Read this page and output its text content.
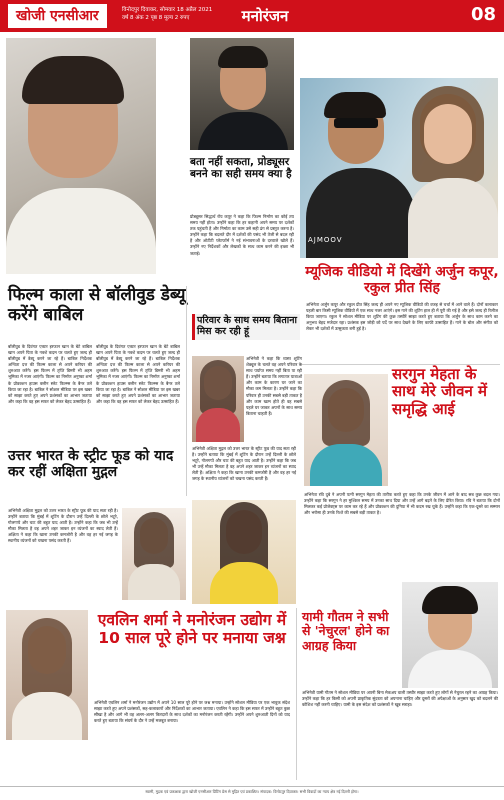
खोजी एनसीआर	विनोदपुर दिवाकर, सोमवार 18 अप्रैल 2021
वर्ष 8 अंक 2 पृष्ठ 8 मूल्य 2 रुपए	मनोरंजन	08
फिल्म काला से बॉलीवुड डेब्यू करेंगे बाबिल
बॉलीवुड के दिवंगत एक्टर इरफान खान के बेटे बाबिल खान अपने पिता के नक्शे कदम पर चलते हुए जल्द ही बॉलीवुड में डेब्यू करने जा रहे हैं। बाबिल निर्देशक अन्विता दत्त की फिल्म काला से अपने करियर की शुरुआत करेंगे। इस फिल्म में तृप्ति डिमरी भी अहम भूमिका में नजर आएंगी। फिल्म का निर्माण अनुष्का शर्मा के प्रोडक्शन हाउस क्लीन स्लेट फिल्म्स के बैनर तले किया जा रहा है। बाबिल ने सोशल मीडिया पर इस खबर को साझा करते हुए अपने प्रशंसकों का आभार जताया और कहा कि वह इस सफर को लेकर बेहद उत्साहित हैं।
बॉलीवुड के दिवंगत एक्टर इरफान खान के बेटे बाबिल खान अपने पिता के नक्शे कदम पर चलते हुए जल्द ही बॉलीवुड में डेब्यू करने जा रहे हैं। बाबिल निर्देशक अन्विता दत्त की फिल्म काला से अपने करियर की शुरुआत करेंगे। इस फिल्म में तृप्ति डिमरी भी अहम भूमिका में नजर आएंगी। फिल्म का निर्माण अनुष्का शर्मा के प्रोडक्शन हाउस क्लीन स्लेट फिल्म्स के बैनर तले किया जा रहा है। बाबिल ने सोशल मीडिया पर इस खबर को साझा करते हुए अपने प्रशंसकों का आभार जताया और कहा कि वह इस सफर को लेकर बेहद उत्साहित हैं।
बता नहीं सकता, प्रोड्यूसर बनने का सही समय क्या है
प्रोड्यूसर सिद्धार्थ रॉय कपूर ने कहा कि फिल्म निर्माण का कोई तय समय नहीं होता। उन्होंने कहा कि हर कहानी अपने समय पर दर्शकों तक पहुंचती है और निर्माता का काम उसे सही ढंग से प्रस्तुत करना है। उन्होंने कहा कि बदलते दौर में दर्शकों की पसंद भी तेजी से बदल रही है और ओटीटी प्लेटफॉर्म ने नई संभावनाओं के दरवाजे खोले हैं। उन्होंने नए निर्देशकों और लेखकों के साथ काम करने की इच्छा भी जताई।
AJMOOV
म्यूजिक वीडियो में दिखेंगे अर्जुन कपूर, रकुल प्रीत सिंह
अभिनेता अर्जुन कपूर और रकुल प्रीत सिंह जल्द ही अपने नए म्यूजिक वीडियो की वजह से चर्चा में आने वाले हैं। दोनों कलाकार पहली बार किसी म्यूजिक वीडियो में एक साथ नजर आएंगे। इस गाने की शूटिंग हाल ही में पूरी की गई है और इसे जल्द ही रिलीज किया जाएगा। रकुल ने सोशल मीडिया पर शूटिंग की कुछ तस्वीरें साझा करते हुए बताया कि अर्जुन के साथ काम करने का अनुभव बेहद मजेदार रहा। प्रशंसक इस जोड़ी को पर्दे पर साथ देखने के लिए काफी उत्साहित हैं। गाने के बोल और संगीत को लेकर भी दर्शकों में उत्सुकता बनी हुई है।
परिवार के साथ समय बिताना मिस कर रही हूं
अभिनेत्री ने कहा कि व्यस्त शूटिंग शेड्यूल के चलते वह अपने परिवार के साथ पर्याप्त समय नहीं बिता पा रही हैं। उन्होंने बताया कि लगातार यात्राओं और काम के कारण घर जाने का मौका कम मिलता है। उन्होंने कहा कि परिवार ही उनकी सबसे बड़ी ताकत है और काम खत्म होते ही वह सबसे पहले घर जाकर अपनों के साथ समय बिताना चाहती हैं।
सरगुन मेहता के साथ मेरे जीवन में समृद्धि आई
अभिनेता रवि दुबे ने अपनी पत्नी सरगुन मेहता की तारीफ करते हुए कहा कि उनके जीवन में आने के बाद सब कुछ बदल गया। उन्होंने कहा कि सरगुन ने हर मुश्किल समय में उनका साथ दिया और उन्हें आगे बढ़ने के लिए प्रेरित किया। रवि ने बताया कि दोनों मिलकर कई प्रोजेक्ट्स पर काम कर रहे हैं और प्रोडक्शन की दुनिया में भी कदम रख चुके हैं। उन्होंने कहा कि एक-दूसरे का सम्मान और भरोसा ही उनके रिश्ते की सबसे बड़ी ताकत है।
उत्तर भारत के स्ट्रीट फूड को याद कर रहीं अक्षिता मुद्गल
अभिनेत्री अक्षिता मुद्गल को उत्तर भारत के स्ट्रीट फूड की याद सता रही है। उन्होंने बताया कि मुंबई में शूटिंग के दौरान उन्हें दिल्ली के छोले भटूरे, गोलगप्पे और चाट की बहुत याद आती है। उन्होंने कहा कि जब भी उन्हें मौका मिलता है वह अपने शहर जाकर इन व्यंजनों का स्वाद लेती हैं। अक्षिता ने कहा कि खाना उनकी कमजोरी है और वह हर नई जगह के स्थानीय व्यंजनों को चखना पसंद करती हैं।
अभिनेत्री अक्षिता मुद्गल को उत्तर भारत के स्ट्रीट फूड की याद सता रही है। उन्होंने बताया कि मुंबई में शूटिंग के दौरान उन्हें दिल्ली के छोले भटूरे, गोलगप्पे और चाट की बहुत याद आती है। उन्होंने कहा कि जब भी उन्हें मौका मिलता है वह अपने शहर जाकर इन व्यंजनों का स्वाद लेती हैं। अक्षिता ने कहा कि खाना उनकी कमजोरी है और वह हर नई जगह के स्थानीय व्यंजनों को चखना पसंद करती हैं।
एवलिन शर्मा ने मनोरंजन उद्योग में 10 साल पूरे होने पर मनाया जश्न
अभिनेत्री एवलिन शर्मा ने मनोरंजन उद्योग में अपने 10 साल पूरे होने पर जश्न मनाया। उन्होंने सोशल मीडिया पर एक भावुक संदेश साझा करते हुए अपने प्रशंसकों, सह-कलाकारों और निर्देशकों का आभार जताया। एवलिन ने कहा कि इस सफर में उन्होंने बहुत कुछ सीखा है और आगे भी वह अलग-अलग किरदारों के साथ दर्शकों का मनोरंजन करती रहेंगी। उन्होंने अपने शुरुआती दिनों को याद करते हुए बताया कि संघर्ष के दौर ने उन्हें मजबूत बनाया।
यामी गौतम ने सभी से 'नेचुरल' होने का आग्रह किया
अभिनेत्री यामी गौतम ने सोशल मीडिया पर अपनी बिना मेकअप वाली तस्वीर साझा करते हुए लोगों से नेचुरल रहने का आग्रह किया। उन्होंने कहा कि हर किसी को अपनी प्राकृतिक सुंदरता को अपनाना चाहिए और दूसरों की अपेक्षाओं के अनुसार खुद को बदलने की कोशिश नहीं करनी चाहिए। यामी के इस संदेश को प्रशंसकों ने खूब सराहा।
स्वामी, मुद्रक एवं प्रकाशक द्वारा खोजी एनसीआर प्रिंटिंग प्रेस से मुद्रित एवं प्रकाशित। संपादक: विनोदपुर दिवाकर। सभी विवादों का न्याय क्षेत्र नई दिल्ली होगा।
